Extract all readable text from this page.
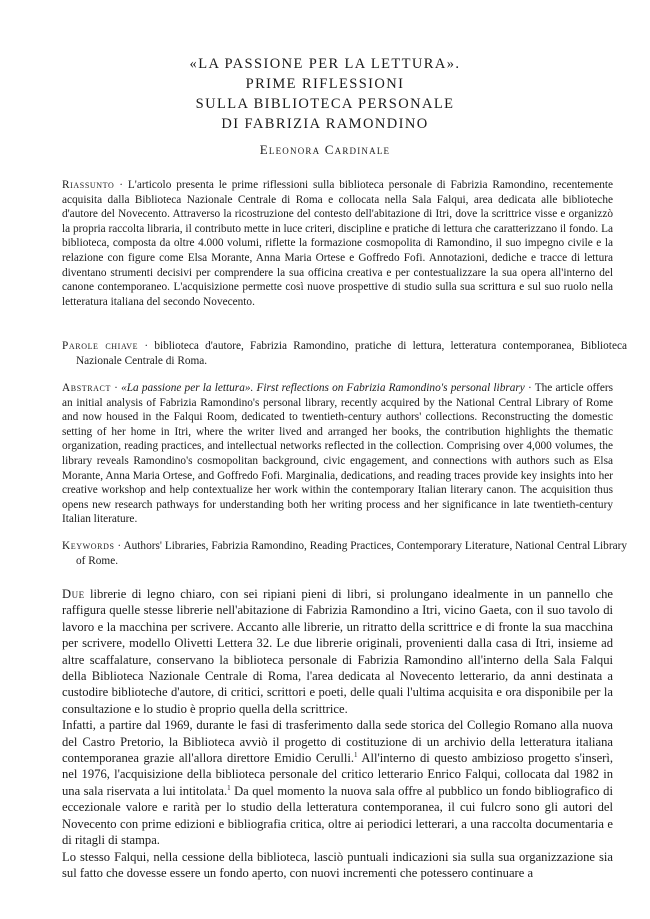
«LA PASSIONE PER LA LETTURA».
PRIME RIFLESSIONI
SULLA BIBLIOTECA PERSONALE
DI FABRIZIA RAMONDINO
Eleonora Cardinale
Riassunto · L'articolo presenta le prime riflessioni sulla biblioteca personale di Fabrizia Ramondino, recentemente acquisita dalla Biblioteca Nazionale Centrale di Roma e collocata nella Sala Falqui, area dedicata alle biblioteche d'autore del Novecento. Attraverso la ricostruzione del contesto dell'abitazione di Itri, dove la scrittrice visse e organizzò la propria raccolta libraria, il contributo mette in luce criteri, discipline e pratiche di lettura che caratterizzano il fondo. La biblioteca, composta da oltre 4.000 volumi, riflette la formazione cosmopolita di Ramondino, il suo impegno civile e la relazione con figure come Elsa Morante, Anna Maria Ortese e Goffredo Fofi. Annotazioni, dediche e tracce di lettura diventano strumenti decisivi per comprendere la sua officina creativa e per contestualizzare la sua opera all'interno del canone contemporaneo. L'acquisizione permette così nuove prospettive di studio sulla sua scrittura e sul suo ruolo nella letteratura italiana del secondo Novecento.
Parole chiave · biblioteca d'autore, Fabrizia Ramondino, pratiche di lettura, letteratura contemporanea, Biblioteca Nazionale Centrale di Roma.
Abstract · «La passione per la lettura». First reflections on Fabrizia Ramondino's personal library · The article offers an initial analysis of Fabrizia Ramondino's personal library, recently acquired by the National Central Library of Rome and now housed in the Falqui Room, dedicated to twentieth-century authors' collections. Reconstructing the domestic setting of her home in Itri, where the writer lived and arranged her books, the contribution highlights the thematic organization, reading practices, and intellectual networks reflected in the collection. Comprising over 4,000 volumes, the library reveals Ramondino's cosmopolitan background, civic engagement, and connections with authors such as Elsa Morante, Anna Maria Ortese, and Goffredo Fofi. Marginalia, dedications, and reading traces provide key insights into her creative workshop and help contextualize her work within the contemporary Italian literary canon. The acquisition thus opens new research pathways for understanding both her writing process and her significance in late twentieth-century Italian literature.
Keywords · Authors' Libraries, Fabrizia Ramondino, Reading Practices, Contemporary Literature, National Central Library of Rome.

Due librerie di legno chiaro, con sei ripiani pieni di libri, si prolungano idealmente in un pannello che raffigura quelle stesse librerie nell'abitazione di Fabrizia Ramondino a Itri, vicino Gaeta, con il suo tavolo di lavoro e la macchina per scrivere. Accanto alle librerie, un ritratto della scrittrice e di fronte la sua macchina per scrivere, modello Olivetti Lettera 32. Le due librerie originali, provenienti dalla casa di Itri, insieme ad altre scaffalature, conservano la biblioteca personale di Fabrizia Ramondino all'interno della Sala Falqui della Biblioteca Nazionale Centrale di Roma, l'area dedicata al Novecento letterario, da anni destinata a custodire biblioteche d'autore, di critici, scrittori e poeti, delle quali l'ultima acquisita e ora disponibile per la consultazione e lo studio è proprio quella della scrittrice.

Infatti, a partire dal 1969, durante le fasi di trasferimento dalla sede storica del Collegio Romano alla nuova del Castro Pretorio, la Biblioteca avviò il progetto di costituzione di un archivio della letteratura italiana contemporanea grazie all'allora direttore Emidio Cerulli.$^1$ All'interno di questo ambizioso progetto s'inserì, nel 1976, l'acquisizione della biblioteca personale del critico letterario Enrico Falqui, collocata dal 1982 in una sala riservata a lui intitolata.$^1$ Da quel momento la nuova sala offre al pubblico un fondo bibliografico di eccezionale valore e rarità per lo studio della letteratura contemporanea, il cui fulcro sono gli autori del Novecento con prime edizioni e bibliografia critica, oltre ai periodici letterari, a una raccolta documentaria e di ritagli di stampa.

Lo stesso Falqui, nella cessione della biblioteca, lasciò puntuali indicazioni sia sulla sua organizzazione sia sul fatto che dovesse essere un fondo aperto, con nuovi incrementi che potessero continuare a
